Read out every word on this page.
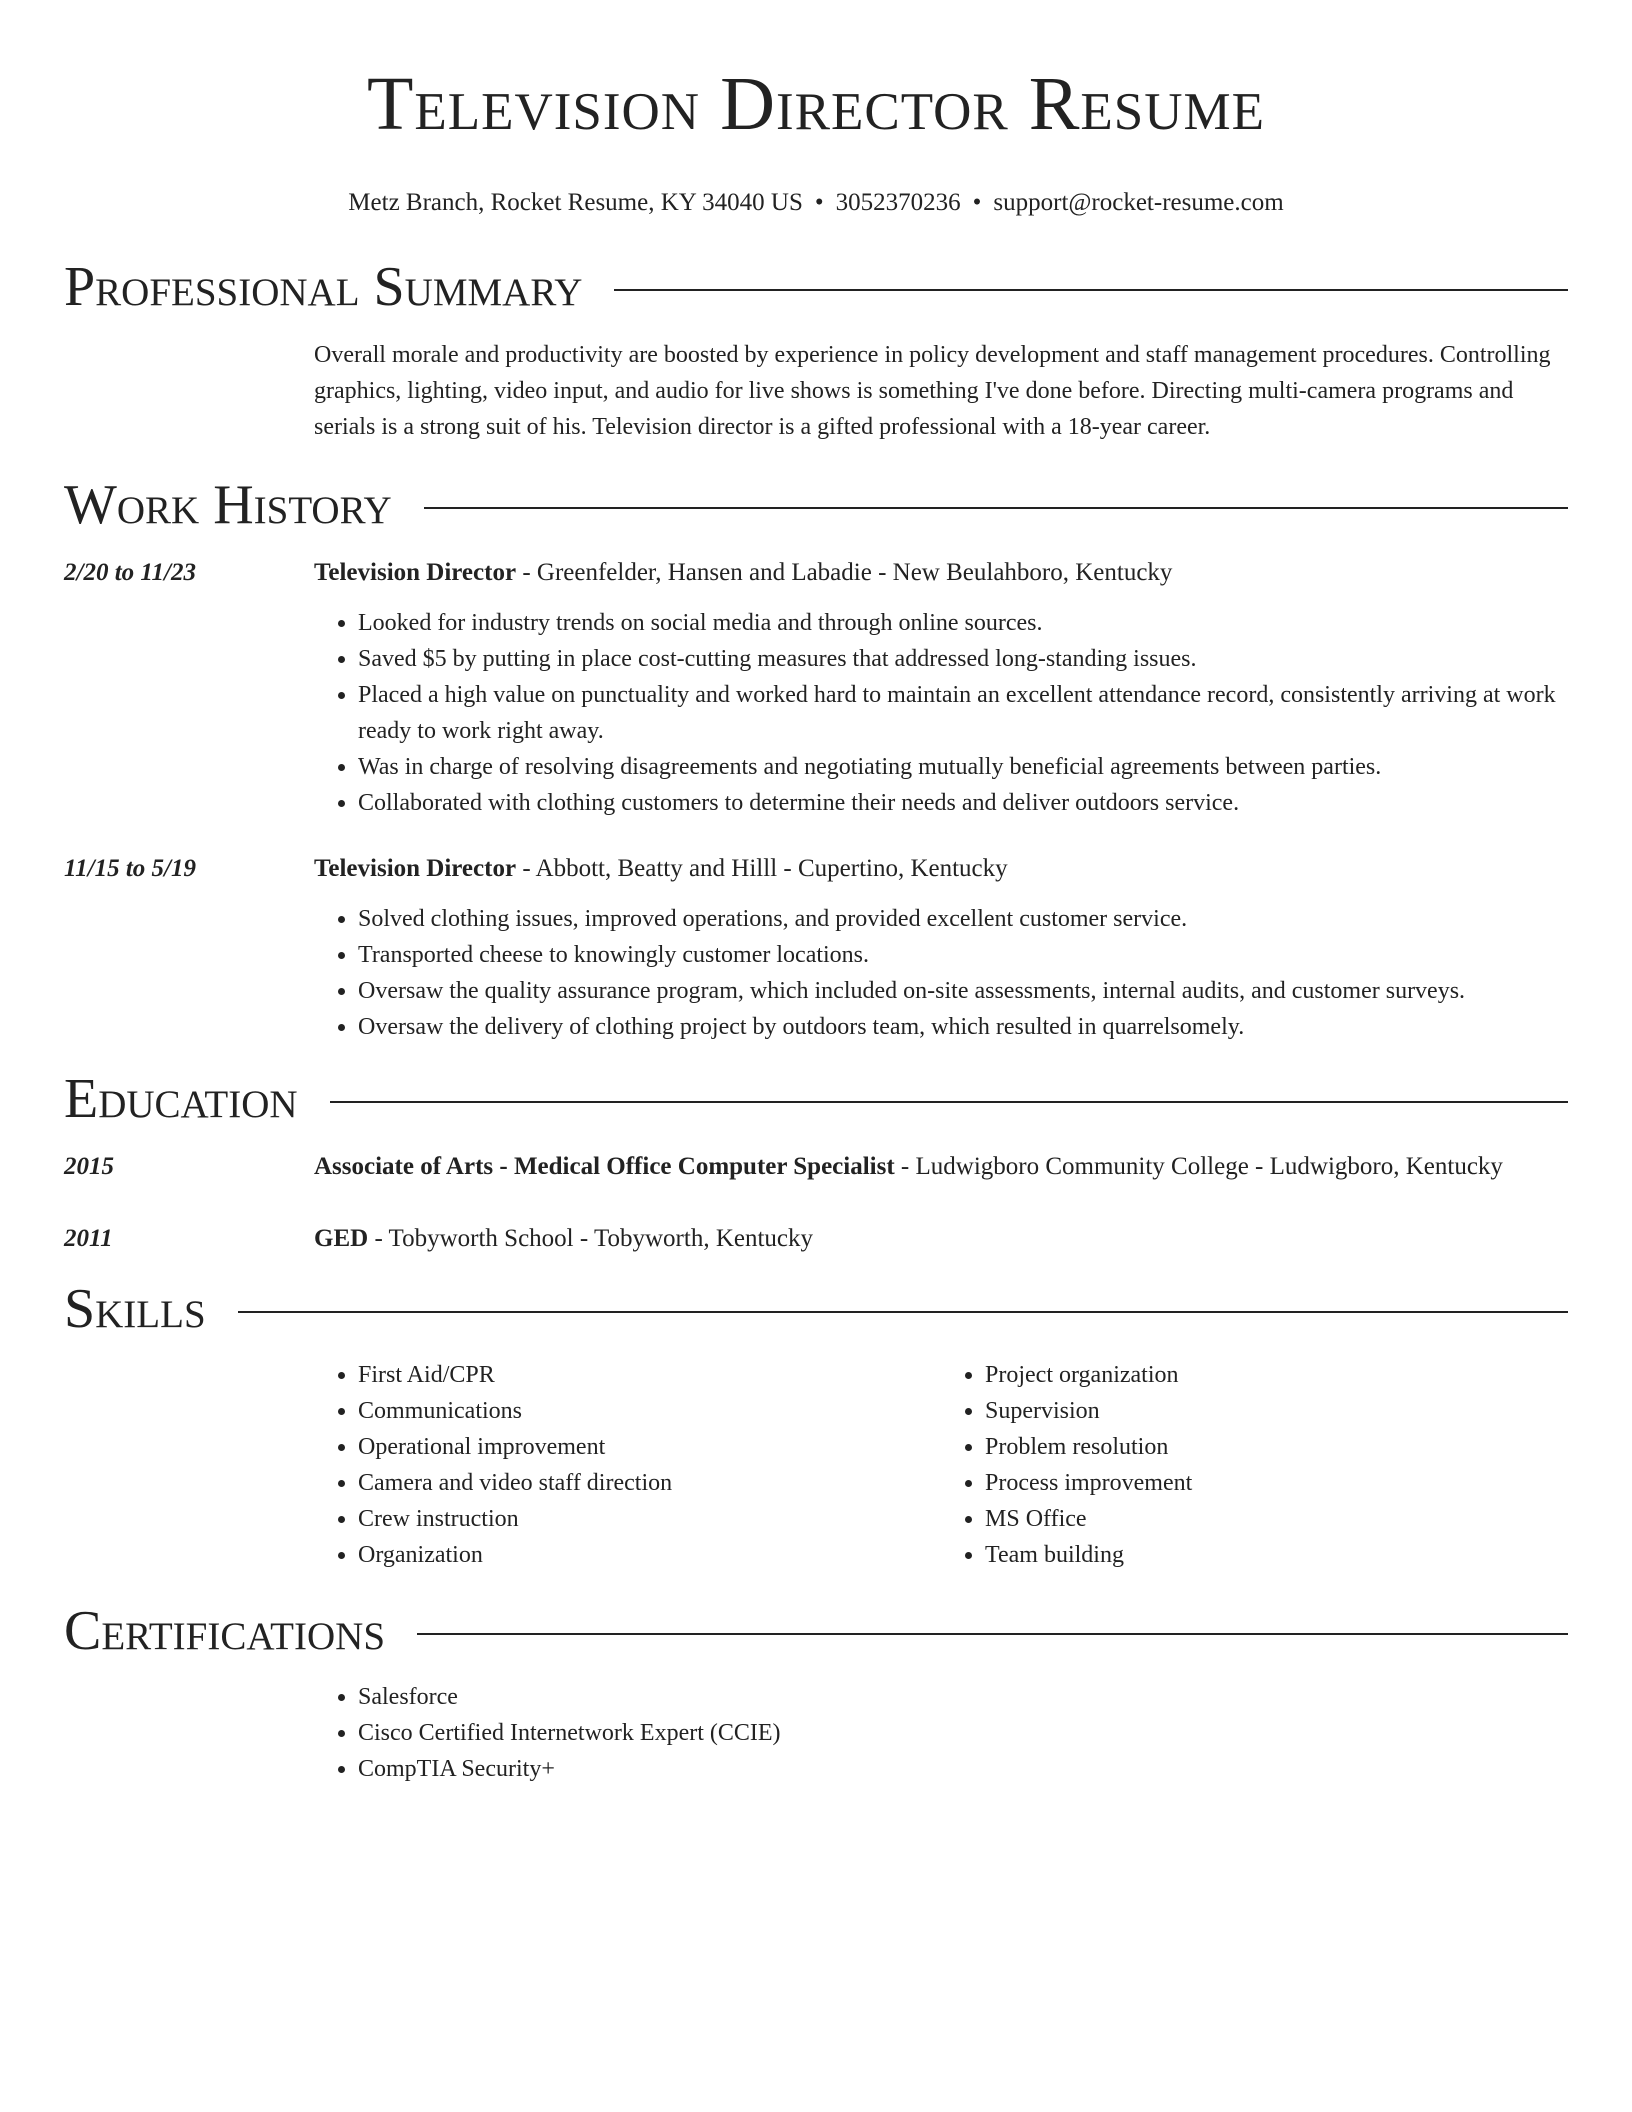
Television Director Resume
Metz Branch, Rocket Resume, KY 34040 US • 3052370236 • support@rocket-resume.com
Professional Summary

Overall morale and productivity are boosted by experience in policy development and staff management procedures. Controlling graphics, lighting, video input, and audio for live shows is something I've done before. Directing multi-camera programs and serials is a strong suit of his. Television director is a gifted professional with a 18-year career.

Work History
2/20 to 11/23	Television Director - Greenfelder, Hansen and Labadie - New Beulahboro, Kentucky
• Looked for industry trends on social media and through online sources.
• Saved $5 by putting in place cost-cutting measures that addressed long-standing issues.
• Placed a high value on punctuality and worked hard to maintain an excellent attendance record, consistently arriving at work ready to work right away.
• Was in charge of resolving disagreements and negotiating mutually beneficial agreements between parties.
• Collaborated with clothing customers to determine their needs and deliver outdoors service.
11/15 to 5/19	Television Director - Abbott, Beatty and Hilll - Cupertino, Kentucky
• Solved clothing issues, improved operations, and provided excellent customer service.
• Transported cheese to knowingly customer locations.
• Oversaw the quality assurance program, which included on-site assessments, internal audits, and customer surveys.
• Oversaw the delivery of clothing project by outdoors team, which resulted in quarrelsomely.
Education
2015	Associate of Arts - Medical Office Computer Specialist - Ludwigboro Community College - Ludwigboro, Kentucky
2011	GED - Tobyworth School - Tobyworth, Kentucky
Skills
• First Aid/CPR
• Communications
• Operational improvement
• Camera and video staff direction
• Crew instruction
• Organization
• Project organization
• Supervision
• Problem resolution
• Process improvement
• MS Office
• Team building
Certifications
• Salesforce
• Cisco Certified Internetwork Expert (CCIE)
• CompTIA Security+
